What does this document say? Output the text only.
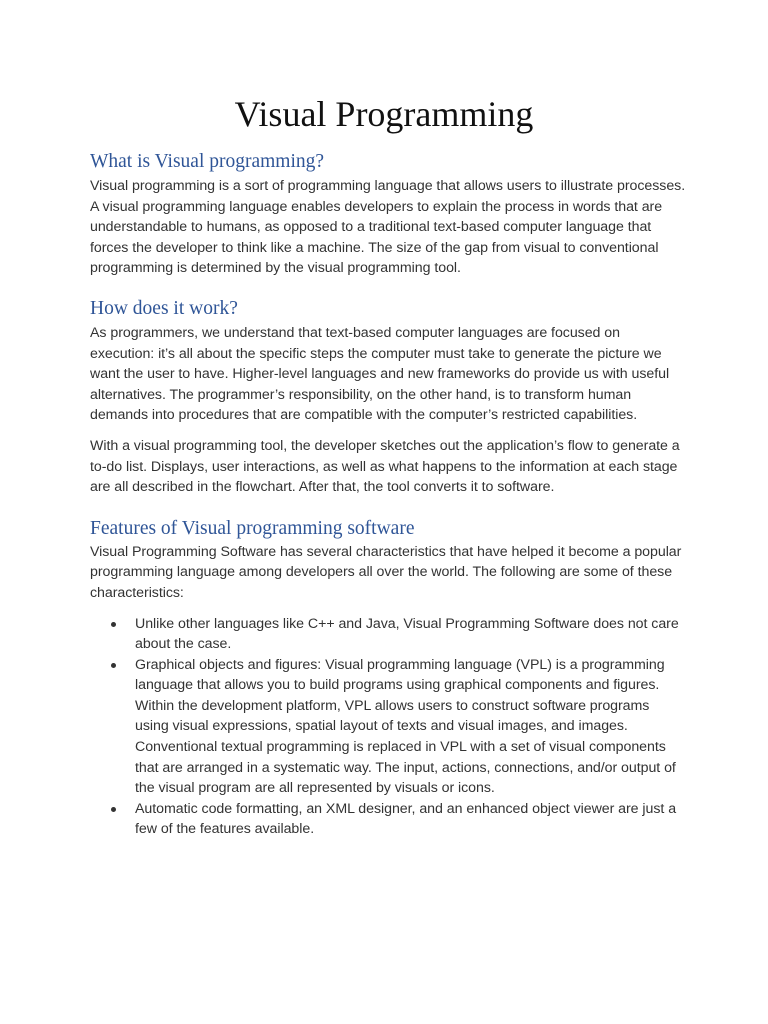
Visual Programming
What is Visual programming?

Visual programming is a sort of programming language that allows users to illustrate processes. A visual programming language enables developers to explain the process in words that are understandable to humans, as opposed to a traditional text-based computer language that forces the developer to think like a machine. The size of the gap from visual to conventional programming is determined by the visual programming tool.

How does it work?

As programmers, we understand that text-based computer languages are focused on execution: it’s all about the specific steps the computer must take to generate the picture we want the user to have. Higher-level languages and new frameworks do provide us with useful alternatives. The programmer’s responsibility, on the other hand, is to transform human demands into procedures that are compatible with the computer’s restricted capabilities.

With a visual programming tool, the developer sketches out the application’s flow to generate a to-do list. Displays, user interactions, as well as what happens to the information at each stage are all described in the flowchart. After that, the tool converts it to software.

Features of Visual programming software

Visual Programming Software has several characteristics that have helped it become a popular programming language among developers all over the world. The following are some of these characteristics:

Unlike other languages like C++ and Java, Visual Programming Software does not care about the case.
Graphical objects and figures: Visual programming language (VPL) is a programming language that allows you to build programs using graphical components and figures. Within the development platform, VPL allows users to construct software programs using visual expressions, spatial layout of texts and visual images, and images. Conventional textual programming is replaced in VPL with a set of visual components that are arranged in a systematic way. The input, actions, connections, and/or output of the visual program are all represented by visuals or icons.
Automatic code formatting, an XML designer, and an enhanced object viewer are just a few of the features available.
